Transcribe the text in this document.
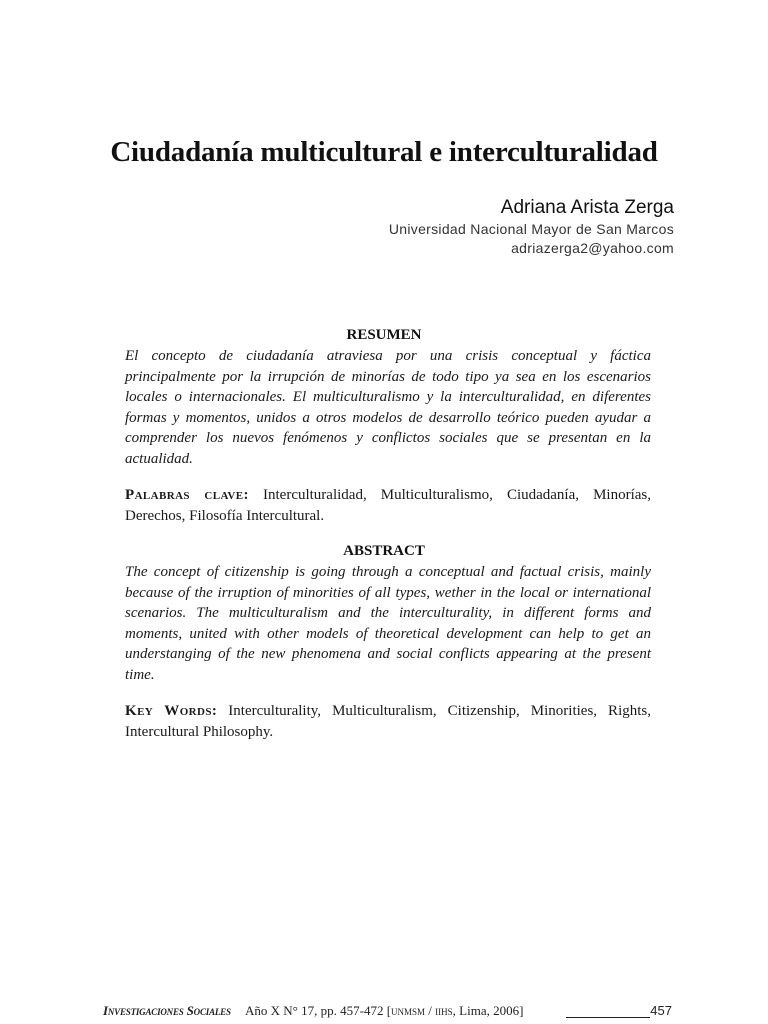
Ciudadanía multicultural e interculturalidad
Adriana Arista Zerga
Universidad Nacional Mayor de San Marcos
adriazerga2@yahoo.com
RESUMEN
El concepto de ciudadanía atraviesa por una crisis conceptual y fáctica principalmente por la irrupción de minorías de todo tipo ya sea en los escenarios locales o internacionales. El multiculturalismo y la interculturalidad, en diferentes formas y momentos, unidos a otros modelos de desarrollo teórico pueden ayudar a comprender los nuevos fenómenos y conflictos sociales que se presentan en la actualidad.
Palabras clave: Interculturalidad, Multiculturalismo, Ciudadanía, Minorías, Derechos, Filosofía Intercultural.
ABSTRACT
The concept of citizenship is going through a conceptual and factual crisis, mainly because of the irruption of minorities of all types, wether in the local or international scenarios. The multiculturalism and the interculturality, in different forms and moments, united with other models of theoretical development can help to get an understanging of the new phenomena and social conflicts appearing at the present time.
Key Words: Interculturality, Multiculturalism, Citizenship, Minorities, Rights, Intercultural Philosophy.
Investigaciones Sociales Año X N° 17, pp. 457-472 [unmsm / iihs, Lima, 2006]	457
